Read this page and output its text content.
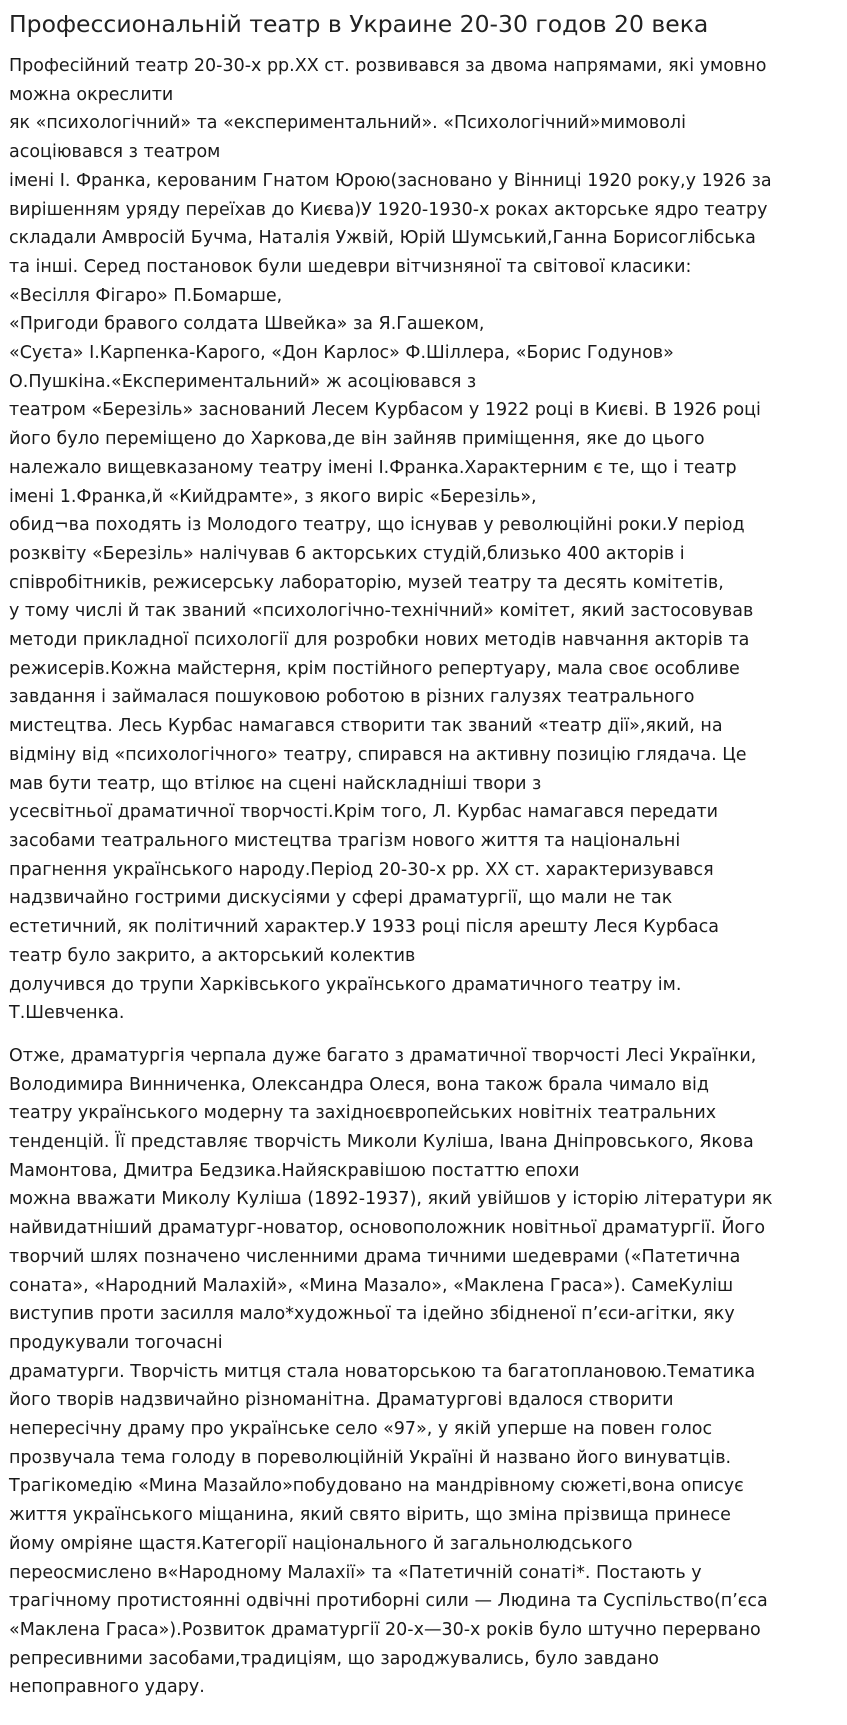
Профессиональній театр в Украине 20-30 годов 20 века

Професійний театр 20-30-х рр.XX ст. розвивався за двома напрямами, які умовно
можна окреслити
як «психологічний» та «експериментальний». «Психологічний»мимоволі
асоціювався з театром
імені І. Франка, керованим Гнатом Юрою(засновано у Вінниці 1920 року,у 1926 за
вирішенням уряду переїхав до Києва)У 1920-1930-х роках акторське ядро театру
складали Амвросій Бучма, Наталія Ужвій, Юрій Шумський,Ганна Борисоглібська
та інші. Серед постановок були шедеври вітчизняної та світової класики:
«Весілля Фігаро» П.Бомарше,
«Пригоди бравого солдата Швейка» за Я.Гашеком,
«Суєта» І.Карпенка-Карого, «Дон Карлос» Ф.Шіллера, «Борис Годунов»
О.Пушкіна.«Експериментальний» ж асоціювався з
театром «Березіль» заснований Лесем Курбасом у 1922 році в Києві. В 1926 році
його було переміщено до Харкова,де він зайняв приміщення, яке до цього
належало вищевказаному театру імені І.Франка.Характерним є те, що і театр
імені 1.Франка,й «Кийдрамте», з якого виріс «Березіль»,
обид¬ва походять із Молодого театру, що існував у революційні роки.У період
розквіту «Березіль» налічував 6 акторських студій,близько 400 акторів і
співробітників, режисерську лабораторію, музей театру та десять комітетів,
у тому числі й так званий «психологічно-технічний» комітет, який застосовував
методи прикладної психології для розробки нових методів навчання акторів та
режисерів.Кожна майстерня, крім постійного репертуару, мала своє особливе
завдання і займалася пошуковою роботою в різних галузях театрального
мистецтва. Лесь Курбас намагався створити так званий «театр дії»,який, на
відміну від «психологічного» театру, спирався на активну позицію глядача. Це
мав бути театр, що втілює на сцені найскладніші твори з
усесвітньої драматичної творчості.Крім того, Л. Курбас намагався передати
засобами театрального мистецтва трагізм нового життя та національні
прагнення українського народу.Період 20-30-х рр. XX ст. характеризувався
надзвичайно гострими дискусіями у сфері драматургії, що мали не так
естетичний, як політичний характер.У 1933 році після арешту Леся Курбаса
театр було закрито, а акторський колектив
долучився до трупи Харківського українського драматичного театру ім.
Т.Шевченка.

Отже, драматургія черпала дуже багато з драматичної творчості Лесі Українки,
Володимира Винниченка, Олександра Олеся, вона також брала чимало від
театру українського модерну та західноєвропейських новітніх театральних
тенденцій. Її представляє творчість Миколи Куліша, Івана Дніпровського, Якова
Мамонтова, Дмитра Бедзика.Найяскравішою постаттю епохи
можна вважати Миколу Куліша (1892-1937), який увійшов у історію літератури як
найвидатніший драматург-новатор, основоположник новітньої драматургії. Його
творчий шлях позначено численними драма тичними шедеврами («Патетична
соната», «Народний Малахій», «Мина Мазало», «Маклена Граса»). СамеКуліш
виступив проти засилля мало*художньої та ідейно збідненої п’єси-агітки, яку
продукували тогочасні
драматурги. Творчість митця стала новаторською та багатоплановою.Тематика
його творів надзвичайно різноманітна. Драматургові вдалося створити
непересічну драму про українське село «97», у якій уперше на повен голос
прозвучала тема голоду в пореволюційній Україні й названо його винуватців.
Трагікомедію «Мина Мазайло»побудовано на мандрівному сюжеті,вона описує
життя українського міщанина, який свято вірить, що зміна прізвища принесе
йому омріяне щастя.Категорії національного й загальнолюдського
переосмислено в«Народному Малахії» та «Патетичній сонаті*. Постають у
трагічному протистоянні одвічні протиборні сили — Людина та Суспільство(п’єса
«Маклена Граса»).Розвиток драматургії 20-х—30-х років було штучно перервано
репресивними засобами,традиціям, що зароджувались, було завдано
непоправного удару.
